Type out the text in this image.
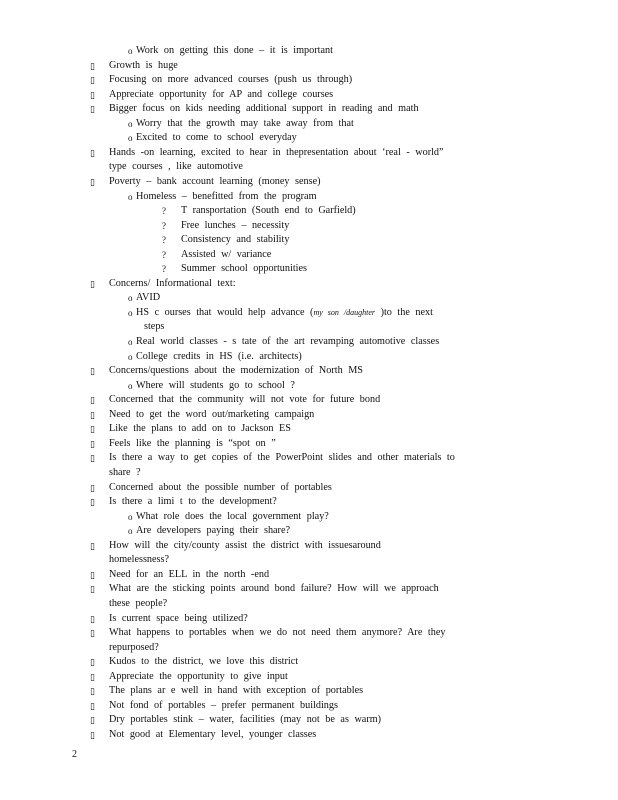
o Work on getting this done – it is important
▯ Growth is huge
▯ Focusing on more advanced courses (push us through)
▯ Appreciate opportunity for AP and college courses
▯ Bigger focus on kids needing additional support in reading and math
o Worry that the growth may take away from that
o Excited to come to school everyday
▯ Hands -on learning, excited to hear in thepresentation about ‘real - world”
type courses , like automotive
▯ Poverty – bank account learning (money sense)
o Homeless – benefitted from the program
?	T ransportation (South end to Garfield)
?	Free lunches – necessity
?	Consistency and stability
?	Assisted w/ variance
?	Summer school opportunities
▯ Concerns/ Informational text:
o AVID
o HS c ourses that would help advance (my son /daughter )to the next
steps
o Real world classes - s tate of the art revamping automotive classes
o College credits in HS (i.e. architects)
▯ Concerns/questions about the modernization of North MS
o Where will students go to school ?
▯ Concerned that the community will not vote for future bond
▯ Need to get the word out/marketing campaign
▯ Like the plans to add on to Jackson ES
▯ Feels like the planning is “spot on ”
▯ Is there a way to get copies of the PowerPoint slides and other materials to
share ?
▯ Concerned about the possible number of portables
▯ Is there a limi t to the development?
o What role does the local government play?
o Are developers paying their share?
▯ How will the city/county assist the district with issuesaround
homelessness?
▯ Need for an ELL in the north -end
▯ What are the sticking points around bond failure? How will we approach
these people?
▯ Is current space being utilized?
▯ What happens to portables when we do not need them anymore? Are they
repurposed?
▯ Kudos to the district, we love this district
▯ Appreciate the opportunity to give input
▯ The plans ar e well in hand with exception of portables
▯ Not fond of portables – prefer permanent buildings
▯ Dry portables stink – water, facilities (may not be as warm)
▯ Not good at Elementary level, younger classes
2
